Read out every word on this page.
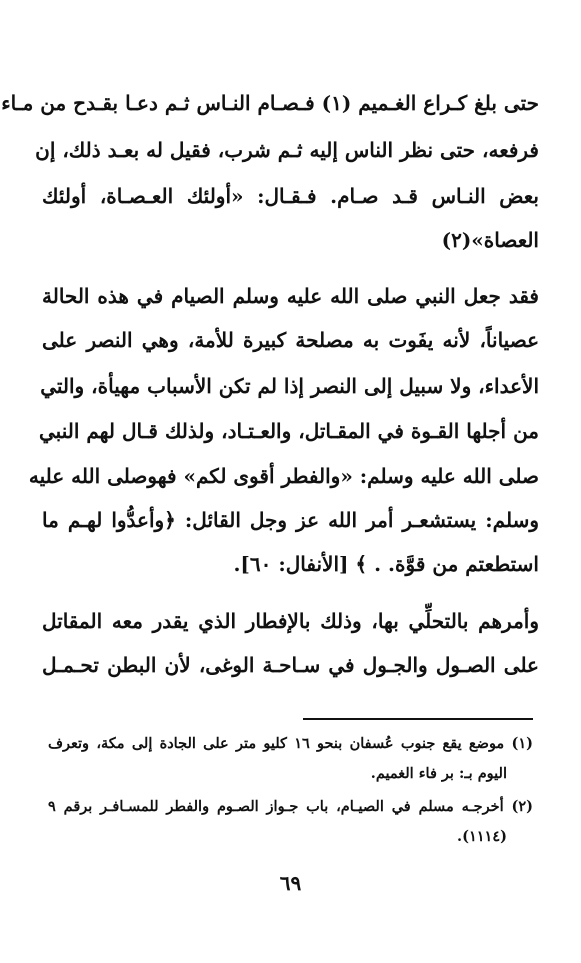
حتى بلغ كـراع الغـميم (١) فـصـام النـاس ثـم دعـا بقـدح من مـاء
فرفعه، حتى نظر الناس إليه ثـم شرب، فقيل له بعـد ذلك، إن
بعض النـاس قـد صـام. فـقـال: «أولئك العـصـاة، أولئك
العصاة»(٢)
فقد جعل النبي صلى الله عليه وسلم الصيام في هذه الحالة
عصياناً، لأنه يفَوت به مصلحة كبيرة للأمة، وهي النصر على
الأعداء، ولا سبيل إلى النصر إذا لم تكن الأسباب مهيأة، والتي
من أجلها القـوة في المقـاتل، والعـتـاد، ولذلك قـال لهم النبي
صلى الله عليه وسلم: «والفطر أقوى لكم» فهوصلى الله عليه
وسلم: يستشعـر أمر الله عز وجل القائل: ﴿وأعدُّوا لهـم ما
استطعتم من قوَّة. . ﴾ [الأنفال: ٦٠].
وأمرهم بالتحلِّي بها، وذلك بالإفطار الذي يقدر معه المقاتل
على الصـول والجـول في سـاحـة الوغى، لأن البطن تحـمـل
(١) موضع يقع جنوب عُسفان بنحو ١٦ كليو متر على الجادة إلى مكة، وتعرف
اليوم بـ: بر فاء الغميم.
(٢) أخرجـه مسلم في الصيـام، باب جـواز الصـوم والفطر للمسـافـر برقم ٩
(١١١٤).
٦٩
